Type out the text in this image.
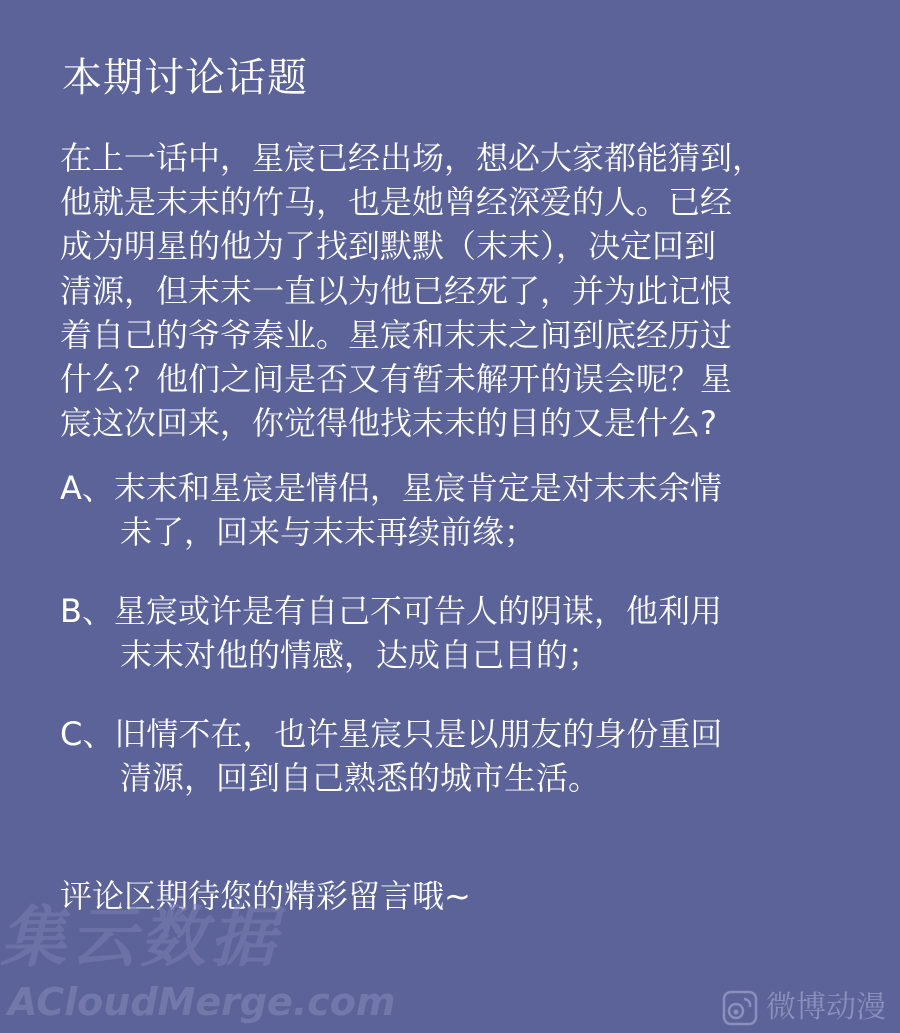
本期讨论话题
在上一话中，星宸已经出场，想必大家都能猜到，
他就是末末的竹马，也是她曾经深爱的人。已经
成为明星的他为了找到默默（末末），决定回到
清源，但末末一直以为他已经死了，并为此记恨
着自己的爷爷秦业。星宸和末末之间到底经历过
什么？他们之间是否又有暂未解开的误会呢？星
宸这次回来，你觉得他找末末的目的又是什么?
A、末末和星宸是情侣，星宸肯定是对末末余情
未了，回来与末末再续前缘；
B、星宸或许是有自己不可告人的阴谋，他利用
末末对他的情感，达成自己目的；
C、旧情不在，也许星宸只是以朋友的身份重回
清源，回到自己熟悉的城市生活。
评论区期待您的精彩留言哦~
集云数据
ACloudMerge.com	微博动漫
